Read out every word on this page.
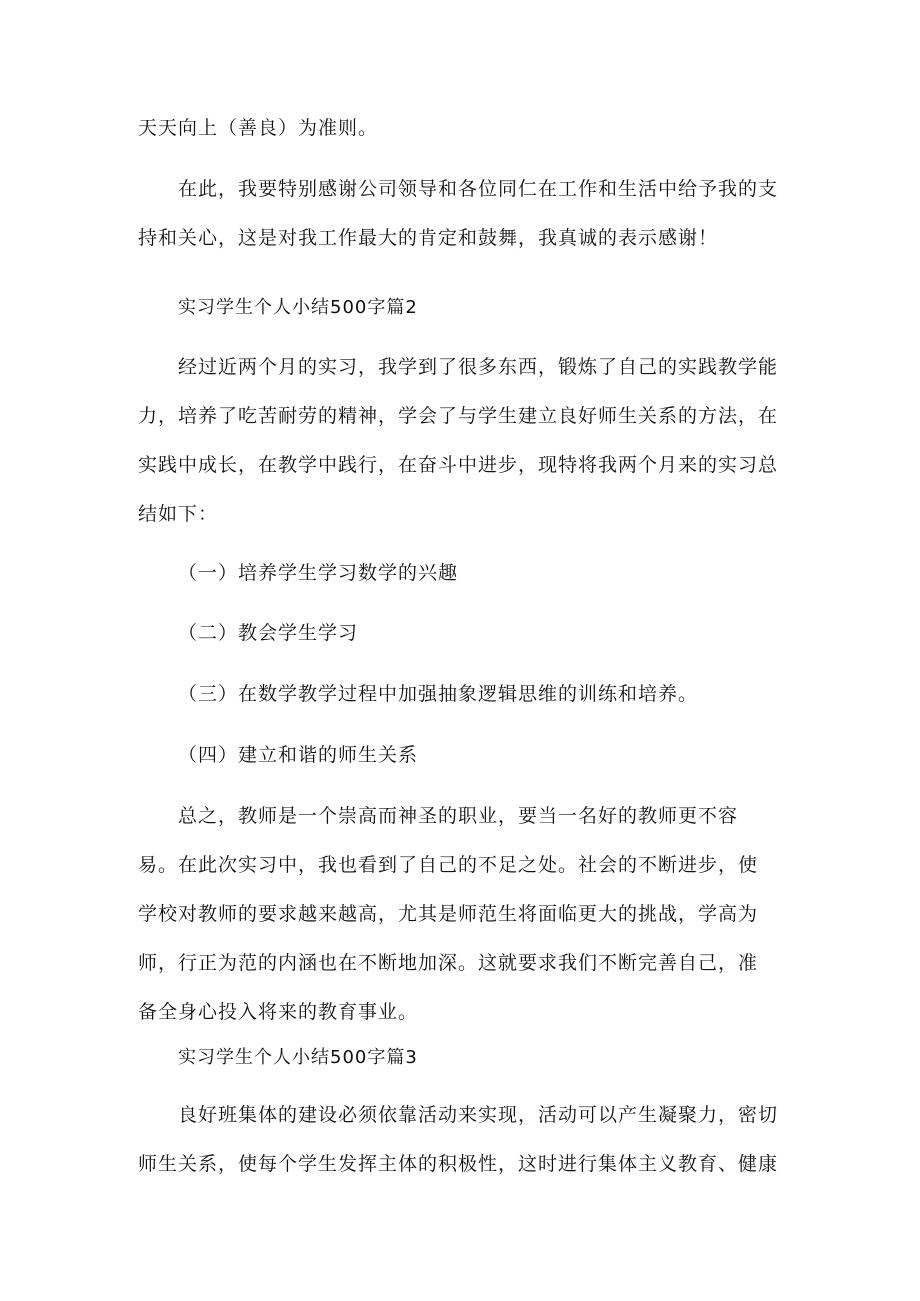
天天向上（善良）为准则。

在此，我要特别感谢公司领导和各位同仁在工作和生活中给予我的支
持和关心，这是对我工作最大的肯定和鼓舞，我真诚的表示感谢！

实习学生个人小结500字篇2

经过近两个月的实习，我学到了很多东西，锻炼了自己的实践教学能
力，培养了吃苦耐劳的精神，学会了与学生建立良好师生关系的方法，在
实践中成长，在教学中践行，在奋斗中进步，现特将我两个月来的实习总
结如下：

（一）培养学生学习数学的兴趣

（二）教会学生学习

（三）在数学教学过程中加强抽象逻辑思维的训练和培养。

（四）建立和谐的师生关系

总之，教师是一个崇高而神圣的职业，要当一名好的教师更不容
易。在此次实习中，我也看到了自己的不足之处。社会的不断进步，使
学校对教师的要求越来越高，尤其是师范生将面临更大的挑战，学高为
师，行正为范的内涵也在不断地加深。这就要求我们不断完善自己，准
备全身心投入将来的教育事业。

实习学生个人小结500字篇3

良好班集体的建设必须依靠活动来实现，活动可以产生凝聚力，密切
师生关系，使每个学生发挥主体的积极性，这时进行集体主义教育、健康
